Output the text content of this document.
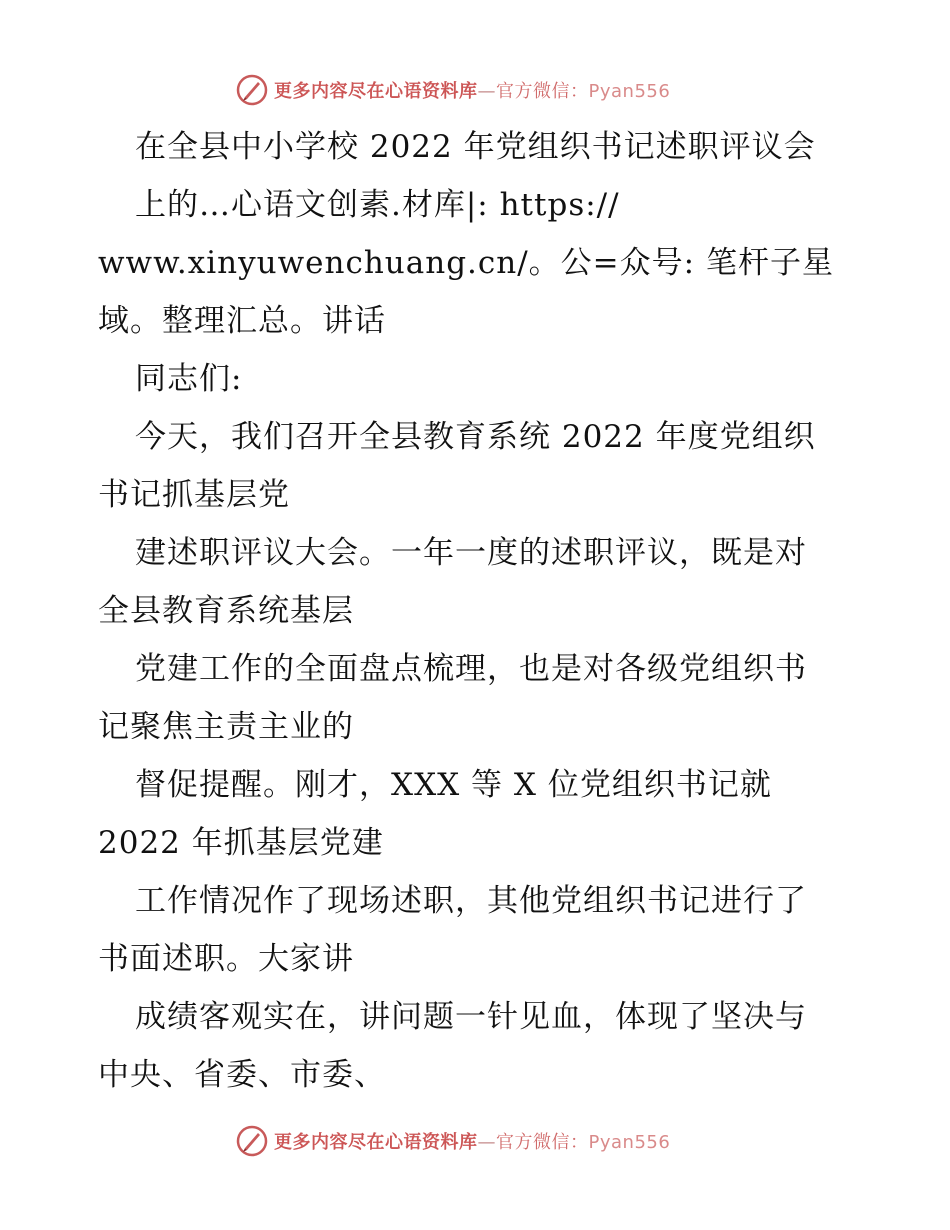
更多内容尽在心语资料库—官方微信：Pyan556
在全县中小学校 2022 年党组织书记述职评议会
上的…心语文创素.材库|: https://
www.xinyuwenchuang.cn/。公=众号: 笔杆子星
域。整理汇总。讲话
同志们:
今天，我们召开全县教育系统 2022 年度党组织
书记抓基层党
建述职评议大会。一年一度的述职评议，既是对
全县教育系统基层
党建工作的全面盘点梳理，也是对各级党组织书
记聚焦主责主业的
督促提醒。刚才，XXX 等 X 位党组织书记就
2022 年抓基层党建
工作情况作了现场述职，其他党组织书记进行了
书面述职。大家讲
成绩客观实在，讲问题一针见血，体现了坚决与
中央、省委、市委、
更多内容尽在心语资料库—官方微信：Pyan556
